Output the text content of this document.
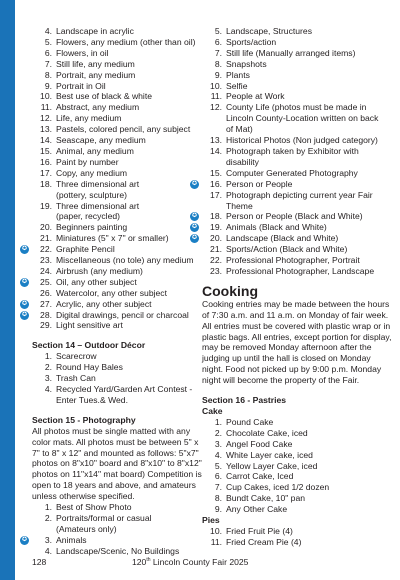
4. Landscape in acrylic
5. Flowers, any medium (other than oil)
6. Flowers, in oil
7. Still life, any medium
8. Portrait, any medium
9. Portrait in Oil
10. Best use of black & white
11. Abstract, any medium
12. Life, any medium
13. Pastels, colored pencil, any subject
14. Seascape, any medium
15. Animal, any medium
16. Paint by number
17. Copy, any medium
18. Three dimensional art
(pottery, sculpture)
19. Three dimensional art
(paper, recycled)
20. Beginners painting
21. Miniatures (5" x 7" or smaller)
✪	22. Graphite Pencil
23. Miscellaneous (no tole) any medium
24. Airbrush (any medium)
✪	25. Oil, any other subject
26. Watercolor, any other subject
✪	27. Acrylic, any other subject
✪	28. Digital drawings, pencil or charcoal
29. Light sensitive art
Section 14 – Outdoor Décor
1. Scarecrow
2. Round Hay Bales
3. Trash Can
4. Recycled Yard/Garden Art Contest -
Enter Tues.& Wed.
Section 15 - Photography

All photos must be single matted with any color mats. All photos must be between 5" x 7" to 8" x 12" and mounted as follows: 5"x7" photos on 8"x10" board and 8"x10" to 8"x12" photos on 11"x14" mat board) Competition is open to 18 years and above, and amateurs unless otherwise specified.

1. Best of Show Photo
2. Portraits/formal or casual
(Amateurs only)
✪	3. Animals
4. Landscape/Scenic, No Buildings
5. Landscape, Structures
6. Sports/action
7. Still life (Manually arranged items)
8. Snapshots
9. Plants
10. Selfie
11. People at Work
12. County Life (photos must be made in
Lincoln County-Location written on back
of Mat)
13. Historical Photos (Non judged category)
14. Photograph taken by Exhibitor with
disability
15. Computer Generated Photography
✪	16. Person or People
17. Photograph depicting current year Fair
Theme
✪	18. Person or People (Black and White)
✪	19. Animals (Black and White)
✪	20. Landscape (Black and White)
21. Sports/Action (Black and White)
22. Professional Photographer, Portrait
23. Professional Photographer, Landscape
Cooking

Cooking entries may be made between the hours of 7:30 a.m. and 11 a.m. on Monday of fair week. All entries must be covered with plastic wrap or in plastic bags. All entries, except portion for display, may be removed Monday afternoon after the judging up until the hall is closed on Monday night. Food not picked up by 9:00 p.m. Monday night will become the property of the Fair.

Section 16 - Pastries
Cake
1. Pound Cake
2. Chocolate Cake, iced
3. Angel Food Cake
4. White Layer cake, iced
5. Yellow Layer Cake, iced
6. Carrot Cake, Iced
7. Cup Cakes, iced 1/2 dozen
8. Bundt Cake, 10" pan
9. Any Other Cake
Pies
10. Fried Fruit Pie (4)
11. Fried Cream Pie (4)
128	120th Lincoln County Fair 2025
